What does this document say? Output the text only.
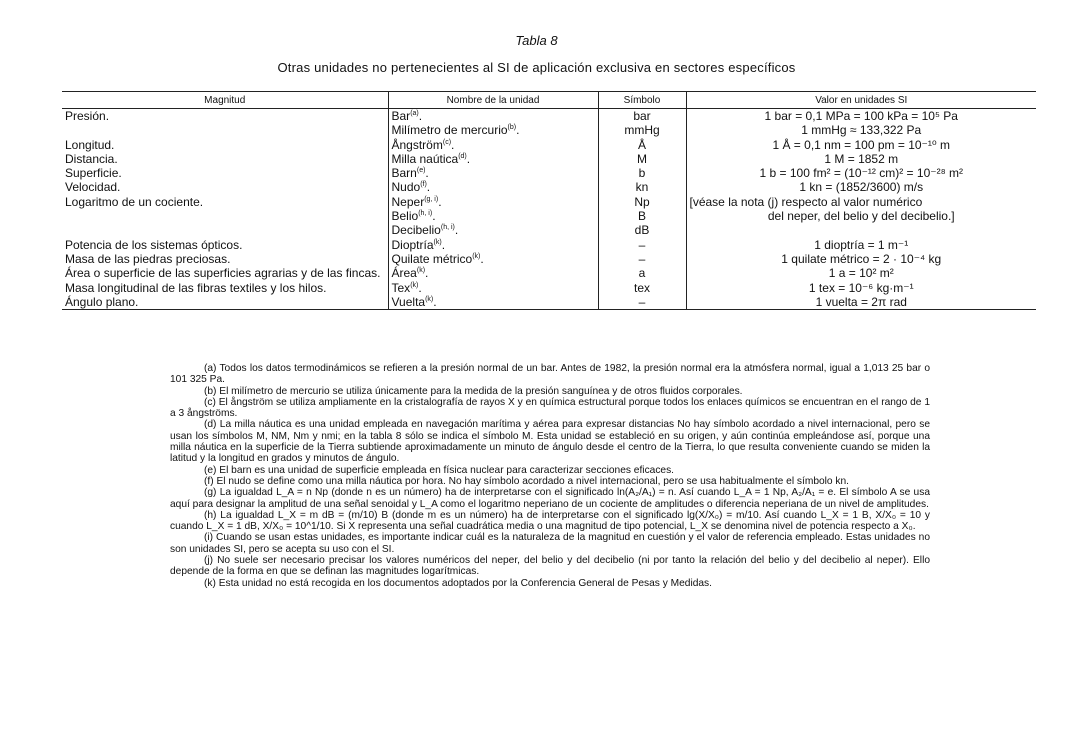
Tabla 8
Otras unidades no pertenecientes al SI de aplicación exclusiva en sectores específicos
Magnitud	Nombre de la unidad	Símbolo	Valor en unidades SI
Presión.	Bar$^{(a)}$.	bar	1 bar = 0,1 MPa = 100 kPa = 10⁵ Pa
	Milímetro de mercurio$^{(b)}$.	mmHg	1 mmHg ≈ 133,322 Pa
Longitud.	Ångström$^{(c)}$.	Å	1 Å = 0,1 nm = 100 pm = 10⁻¹⁰ m
Distancia.	Milla naútica$^{(d)}$.	M	1 M = 1852 m
Superficie.	Barn$^{(e)}$.	b	1 b = 100 fm² = (10⁻¹² cm)² = 10⁻²⁸ m²
Velocidad.	Nudo$^{(f)}$.	kn	1 kn = (1852/3600) m/s
Logaritmo de un cociente.	Neper$^{(g, i)}$.	Np	[véase la nota (j) respecto al valor numérico
	Belio$^{(h, i)}$.	B	del neper, del belio y del decibelio.]
	Decibelio$^{(h, i)}$.	dB	
Potencia de los sistemas ópticos.	Dioptría$^{(k)}$.	–	1 dioptría = 1 m⁻¹
Masa de las piedras preciosas.	Quilate métrico$^{(k)}$.	–	1 quilate métrico = 2 · 10⁻⁴ kg
Área o superficie de las superficies agrarias y de las fincas.	Área$^{(k)}$.	a	1 a = 10² m²
Masa longitudinal de las fibras textiles y los hilos.	Tex$^{(k)}$.	tex	1 tex = 10⁻⁶ kg·m⁻¹
Ángulo plano.	Vuelta$^{(k)}$.	–	1 vuelta = 2π rad

(a) Todos los datos termodinámicos se refieren a la presión normal de un bar. Antes de 1982, la presión normal era la atmósfera normal, igual a 1,013 25 bar o 101 325 Pa.

(b) El milímetro de mercurio se utiliza únicamente para la medida de la presión sanguínea y de otros fluidos corporales.

(c) El ångström se utiliza ampliamente en la cristalografía de rayos X y en química estructural porque todos los enlaces químicos se encuentran en el rango de 1 a 3 ångströms.

(d) La milla náutica es una unidad empleada en navegación marítima y aérea para expresar distancias No hay símbolo acordado a nivel internacional, pero se usan los símbolos M, NM, Nm y nmi; en la tabla 8 sólo se indica el símbolo M. Esta unidad se estableció en su origen, y aún continúa empleándose así, porque una milla náutica en la superficie de la Tierra subtiende aproximadamente un minuto de ángulo desde el centro de la Tierra, lo que resulta conveniente cuando se miden la latitud y la longitud en grados y minutos de ángulo.

(e) El barn es una unidad de superficie empleada en física nuclear para caracterizar secciones eficaces.

(f) El nudo se define como una milla náutica por hora. No hay símbolo acordado a nivel internacional, pero se usa habitualmente el símbolo kn.

(g) La igualdad L_A = n Np (donde n es un número) ha de interpretarse con el significado ln(A₂/A₁) = n. Así cuando L_A = 1 Np, A₂/A₁ = e. El símbolo A se usa aquí para designar la amplitud de una señal senoidal y L_A como el logaritmo neperiano de un cociente de amplitudes o diferencia neperiana de un nivel de amplitudes.

(h) La igualdad L_X = m dB = (m/10) B (donde m es un número) ha de interpretarse con el significado lg(X/X₀) = m/10. Así cuando L_X = 1 B, X/X₀ = 10 y cuando L_X = 1 dB, X/X₀ = 10^1/10. Si X representa una señal cuadrática media o una magnitud de tipo potencial, L_X se denomina nivel de potencia respecto a X₀.

(i) Cuando se usan estas unidades, es importante indicar cuál es la naturaleza de la magnitud en cuestión y el valor de referencia empleado. Estas unidades no son unidades SI, pero se acepta su uso con el SI.

(j) No suele ser necesario precisar los valores numéricos del neper, del belio y del decibelio (ni por tanto la relación del belio y del decibelio al neper). Ello depende de la forma en que se definan las magnitudes logarítmicas.

(k) Esta unidad no está recogida en los documentos adoptados por la Conferencia General de Pesas y Medidas.
